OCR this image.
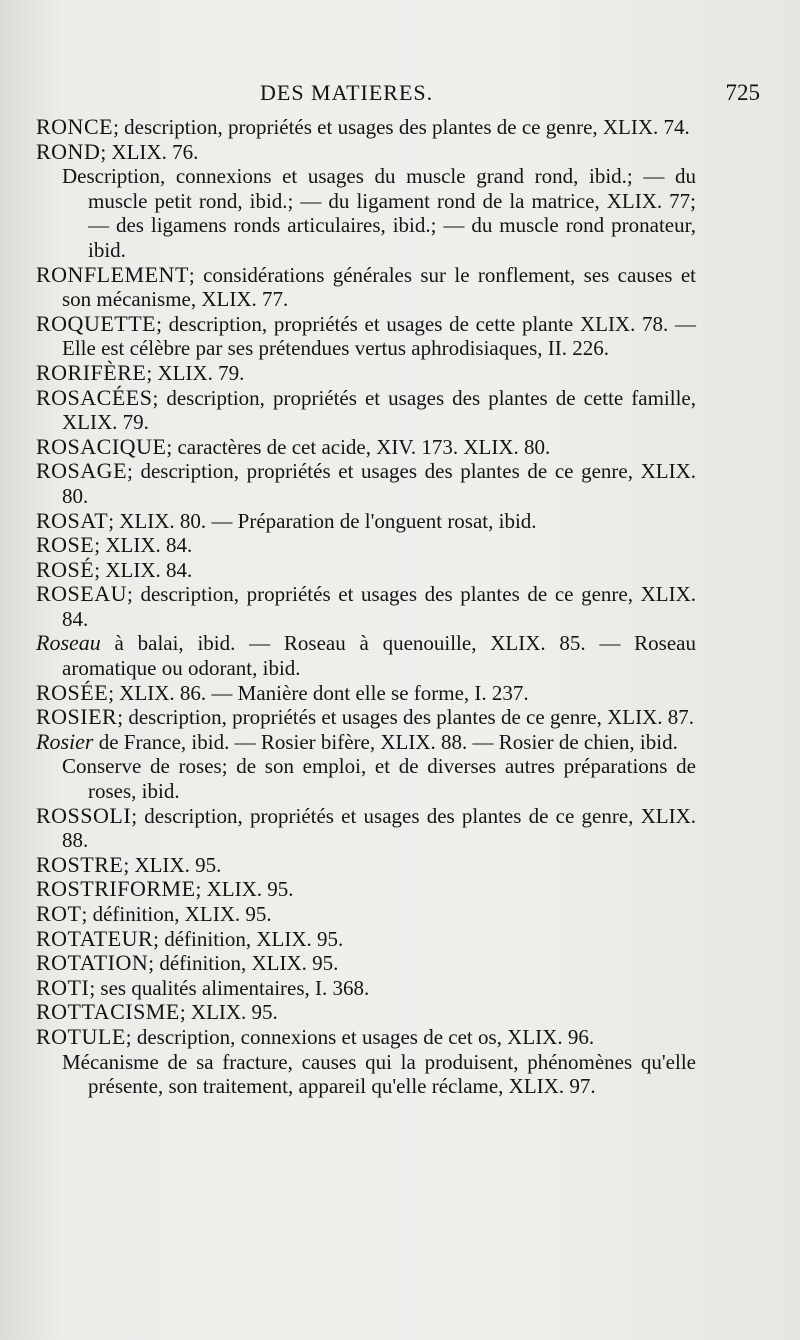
DES MATIERES.	725

RONCE; description, propriétés et usages des plantes de ce genre, XLIX. 74.

ROND; XLIX. 76.

Description, connexions et usages du muscle grand rond, ibid.; — du muscle petit rond, ibid.; — du ligament rond de la matrice, XLIX. 77; — des ligamens ronds articulaires, ibid.; — du muscle rond pronateur, ibid.

RONFLEMENT; considérations générales sur le ronflement, ses causes et son mécanisme, XLIX. 77.

ROQUETTE; description, propriétés et usages de cette plante XLIX. 78. — Elle est célèbre par ses prétendues vertus aphrodisiaques, II. 226.

RORIFÈRE; XLIX. 79.

ROSACÉES; description, propriétés et usages des plantes de cette famille, XLIX. 79.

ROSACIQUE; caractères de cet acide, XIV. 173. XLIX. 80.

ROSAGE; description, propriétés et usages des plantes de ce genre, XLIX. 80.

ROSAT; XLIX. 80. — Préparation de l'onguent rosat, ibid.

ROSE; XLIX. 84.

ROSÉ; XLIX. 84.

ROSEAU; description, propriétés et usages des plantes de ce genre, XLIX. 84.

Roseau à balai, ibid. — Roseau à quenouille, XLIX. 85. — Roseau aromatique ou odorant, ibid.

ROSÉE; XLIX. 86. — Manière dont elle se forme, I. 237.

ROSIER; description, propriétés et usages des plantes de ce genre, XLIX. 87.

Rosier de France, ibid. — Rosier bifère, XLIX. 88. — Rosier de chien, ibid.

Conserve de roses; de son emploi, et de diverses autres préparations de roses, ibid.

ROSSOLI; description, propriétés et usages des plantes de ce genre, XLIX. 88.

ROSTRE; XLIX. 95.

ROSTRIFORME; XLIX. 95.

ROT; définition, XLIX. 95.

ROTATEUR; définition, XLIX. 95.

ROTATION; définition, XLIX. 95.

ROTI; ses qualités alimentaires, I. 368.

ROTTACISME; XLIX. 95.

ROTULE; description, connexions et usages de cet os, XLIX. 96.

Mécanisme de sa fracture, causes qui la produisent, phénomènes qu'elle présente, son traitement, appareil qu'elle réclame, XLIX. 97.
